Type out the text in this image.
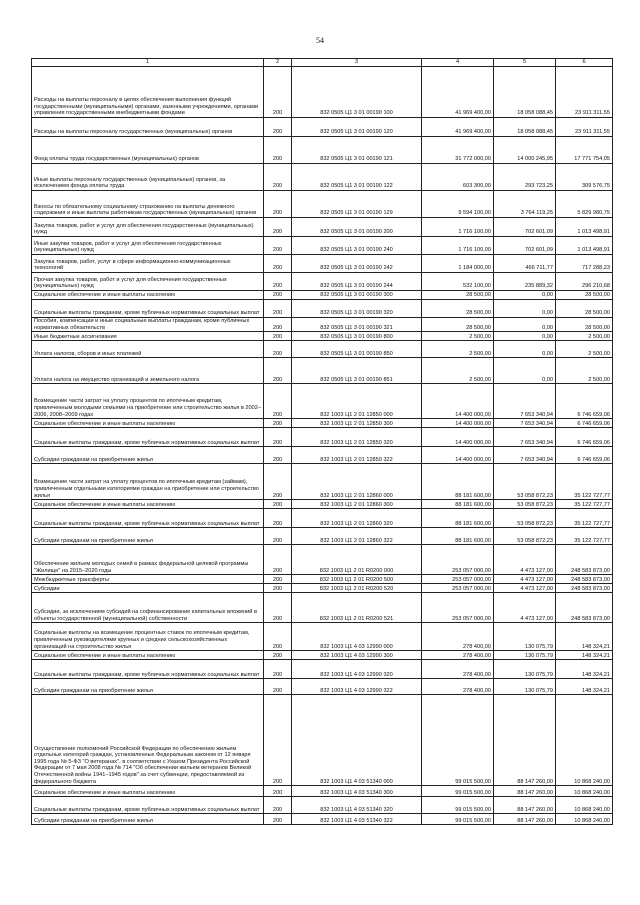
54
1	2	3	4	5	6
Расходы на выплаты персоналу в целях обеспечения выполнения функций государственными (муниципальными) органами, казенными учреждениями, органами управления государственными внебюджетными фондами	200	832 0505 Ц1 3 01 00190 100	41 969 400,00	18 058 088,45	23 911 311,55
Расходы на выплаты персоналу государственных (муниципальных) органов	200	832 0505 Ц1 3 01 00190 120	41 969 400,00	18 058 088,45	23 911 311,55
Фонд оплаты труда государственных (муниципальных) органов	200	832 0505 Ц1 3 01 00190 121	31 772 000,00	14 000 245,95	17 771 754,05
Иные выплаты персоналу государственных (муниципальных) органов, за исключением фонда оплаты труда	200	832 0505 Ц1 3 01 00190 122	603 300,00	293 723,25	309 576,75
Взносы по обязательному социальному страхованию на выплаты денежного содержания и иные выплаты работникам государственных (муниципальных) органов	200	832 0505 Ц1 3 01 00190 129	9 594 100,00	3 764 119,25	5 829 980,75
Закупка товаров, работ и услуг для обеспечения государственных (муниципальных) нужд	200	832 0505 Ц1 3 01 00190 200	1 716 100,00	702 601,09	1 013 498,91
Иные закупки товаров, работ и услуг для обеспечения государственных (муниципальных) нужд	200	832 0505 Ц1 3 01 00190 240	1 716 100,00	702 601,09	1 013 498,91
Закупка товаров, работ, услуг в сфере информационно-коммуникационных технологий	200	832 0505 Ц1 3 01 00190 242	1 184 000,00	466 711,77	717 288,23
Прочая закупка товаров, работ и услуг для обеспечения государственных (муниципальных) нужд	200	832 0505 Ц1 3 01 00190 244	532 100,00	235 889,32	296 210,68
Социальное обеспечение и иные выплаты населению	200	832 0505 Ц1 3 01 00190 300	28 500,00	0,00	28 500,00
Социальные выплаты гражданам, кроме публичных нормативных социальных выплат	200	832 0505 Ц1 3 01 00190 320	28 500,00	0,00	28 500,00
Пособия, компенсации и иные социальные выплаты гражданам, кроме публичных нормативных обязательств	200	832 0505 Ц1 3 01 00190 321	28 500,00	0,00	28 500,00
Иные бюджетные ассигнования	200	832 0505 Ц1 3 01 00190 800	2 500,00	0,00	2 500,00
Уплата налогов, сборов и иных платежей	200	832 0505 Ц1 3 01 00190 850	2 500,00	0,00	2 500,00
Уплата налога на имущество организаций и земельного налога	200	832 0505 Ц1 3 01 00190 851	2 500,00	0,00	2 500,00
Возмещение части затрат на уплату процентов по ипотечным кредитам, привлеченным молодыми семьями на приобретение или строительство жилья в 2002–2006, 2008–2009 годах	200	832 1003 Ц1 2 01 12850 000	14 400 000,00	7 653 340,94	6 746 659,06
Социальное обеспечение и иные выплаты населению	200	832 1003 Ц1 2 01 12850 300	14 400 000,00	7 653 340,94	6 746 659,06
Социальные выплаты гражданам, кроме публичных нормативных социальных выплат	200	832 1003 Ц1 2 01 12850 320	14 400 000,00	7 653 340,94	6 746 659,06
Субсидии гражданам на приобретение жилья	200	832 1003 Ц1 2 01 12850 322	14 400 000,00	7 653 340,94	6 746 659,06
Возмещение части затрат на уплату процентов по ипотечным кредитам (займам), привлеченным отдельными категориями граждан на приобретение или строительство жилья	200	832 1003 Ц1 2 01 12860 000	88 181 600,00	53 058 872,23	35 122 727,77
Социальное обеспечение и иные выплаты населению	200	832 1003 Ц1 2 01 12860 300	88 181 600,00	53 058 872,23	35 122 727,77
Социальные выплаты гражданам, кроме публичных нормативных социальных выплат	200	832 1003 Ц1 2 01 12860 320	88 181 600,00	53 058 872,23	35 122 727,77
Субсидии гражданам на приобретение жилья	200	832 1003 Ц1 2 01 12860 322	88 181 600,00	53 058 872,23	35 122 727,77
Обеспечение жильем молодых семей в рамках федеральной целевой программы "Жилище" на 2015–2020 годы	200	832 1003 Ц1 2 01 R0200 000	253 057 000,00	4 473 127,00	248 583 873,00
Межбюджетные трансферты	200	832 1003 Ц1 2 01 R0200 500	253 057 000,00	4 473 127,00	248 583 873,00
Субсидии	200	832 1003 Ц1 2 01 R0200 520	253 057 000,00	4 473 127,00	248 583 873,00
Субсидии, за исключением субсидий на софинансирование капитальных вложений в объекты государственной (муниципальной) собственности	200	832 1003 Ц1 2 01 R0200 521	253 057 000,00	4 473 127,00	248 583 873,00
Социальные выплаты на возмещение процентных ставок по ипотечным кредитам, привлеченным руководителями крупных и средних сельскохозяйственных организаций на строительство жилья	200	832 1003 Ц1 4 03 12990 000	278 400,00	130 075,79	148 324,21
Социальное обеспечение и иные выплаты населению	200	832 1003 Ц1 4 03 12990 300	278 400,00	130 075,79	148 324,21
Социальные выплаты гражданам, кроме публичных нормативных социальных выплат	200	832 1003 Ц1 4 03 12990 320	278 400,00	130 075,79	148 324,21
Субсидии гражданам на приобретение жилья	200	832 1003 Ц1 4 03 12990 322	278 400,00	130 075,79	148 324,21
Осуществление полномочий Российской Федерации по обеспечению жильем отдельных категорий граждан, установленных Федеральным законом от 12 января 1995 года № 5-ФЗ "О ветеранах", в соответствии с Указом Президента Российской Федерации от 7 мая 2008 года № 714 "Об обеспечении жильем ветеранов Великой Отечественной войны 1941–1945 годов" за счет субвенции, предоставляемой из федерального бюджета	200	832 1003 Ц1 4 03 51340 000	99 015 500,00	88 147 260,00	10 868 240,00
Социальное обеспечение и иные выплаты населению	200	832 1003 Ц1 4 03 51340 300	99 015 500,00	88 147 260,00	10 868 240,00
Социальные выплаты гражданам, кроме публичных нормативных социальных выплат	200	832 1003 Ц1 4 03 51340 320	99 015 500,00	88 147 260,00	10 868 240,00
Субсидии гражданам на приобретение жилья	200	832 1003 Ц1 4 03 51340 322	99 015 500,00	88 147 260,00	10 868 240,00
